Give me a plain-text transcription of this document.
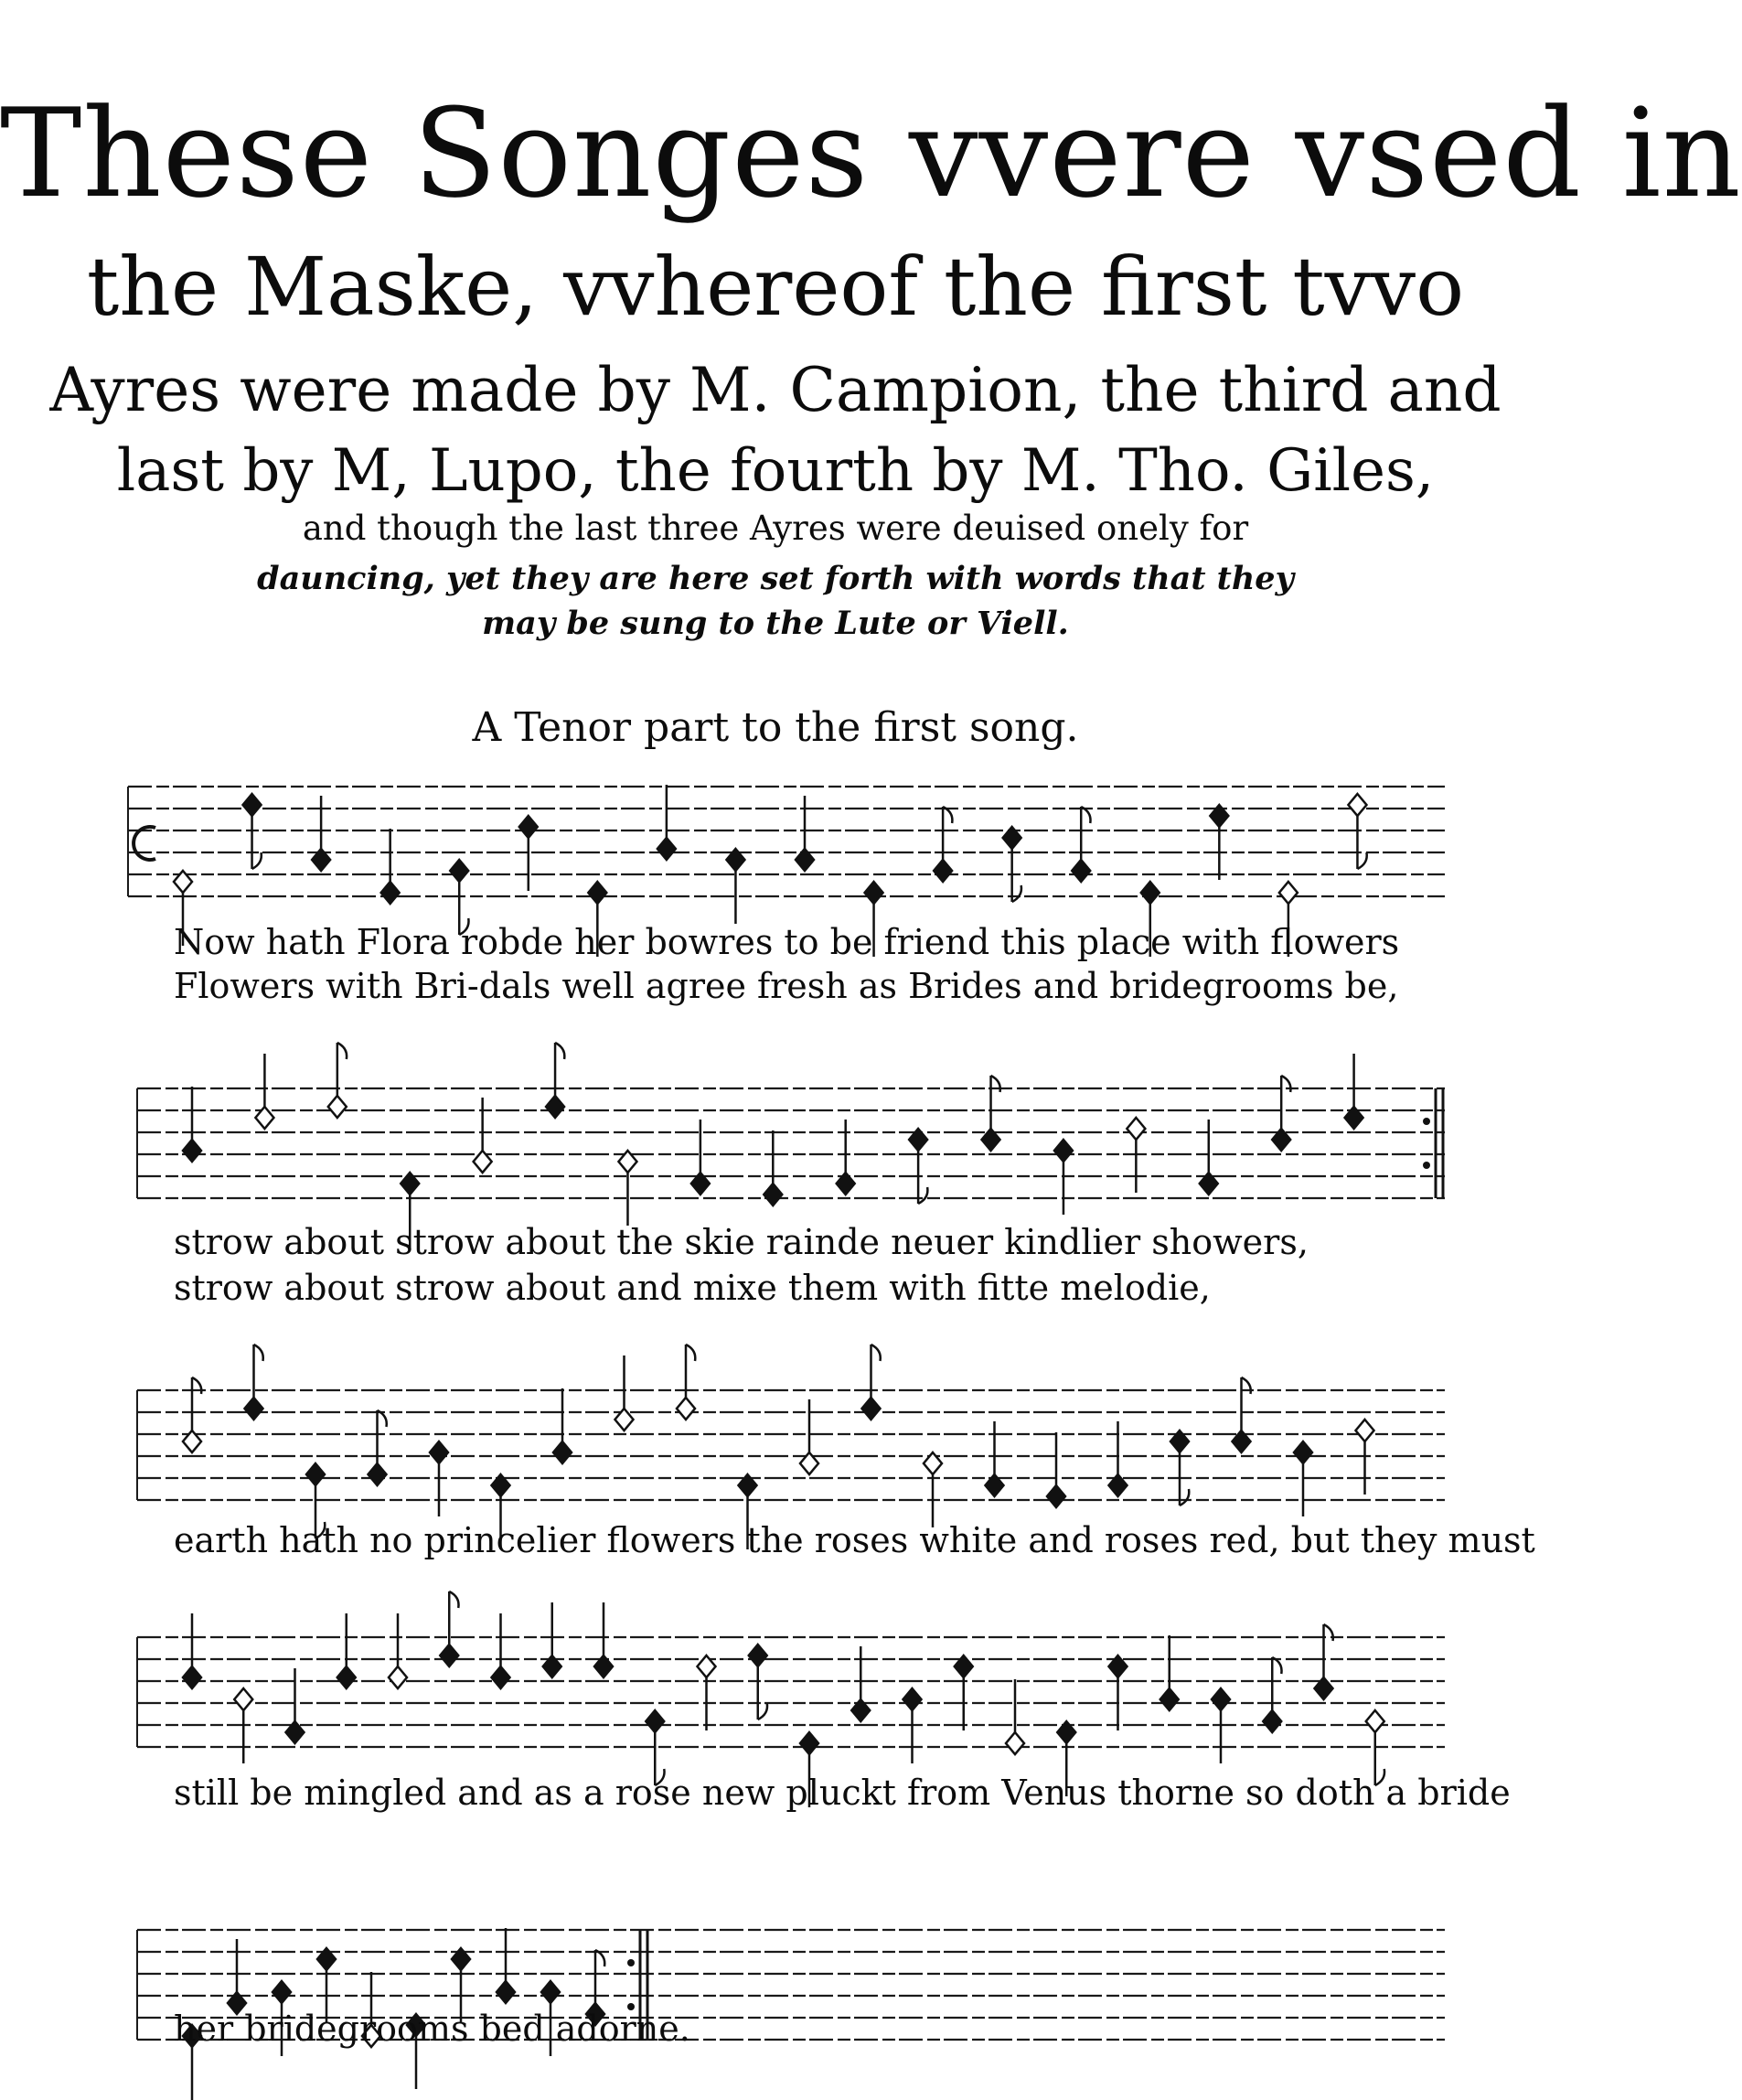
These Songes vvere vsed in
the Maske, vvhereof the first tvvo
Ayres were made by M. Campion, the third and
last by M, Lupo, the fourth by M. Tho. Giles,
and though the last three Ayres were deuised onely for
dauncing, yet they are here set forth with words that they
may be sung to the Lute or Viell.
A Tenor part to the first song.
Now hath Flora robde her bowres to be friend this place with flowers
Flowers with Bri-dals well agree fresh as Brides and bridegrooms be,
strow about strow about the skie rainde neuer kindlier showers,
strow about strow about and mixe them with fitte melodie,
earth hath no princelier flowers the roses white and roses red, but they must
still be mingled and as a rose new pluckt from Venus thorne so doth a bride
her bridegrooms bed adorne.
